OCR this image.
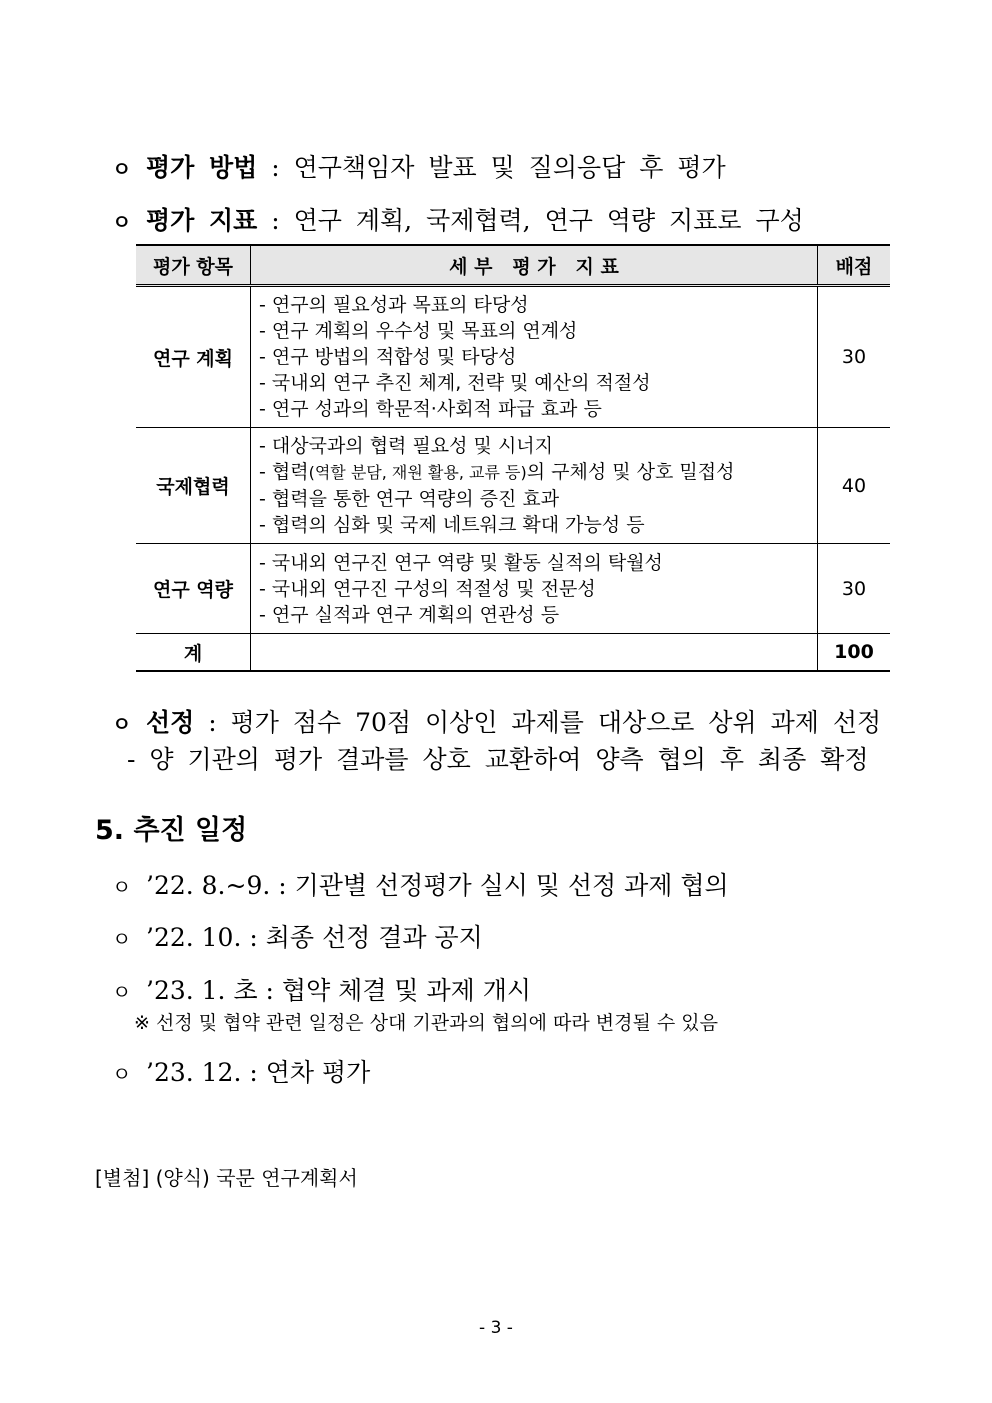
ㅇ 평가 방법 : 연구책임자 발표 및 질의응답 후 평가
ㅇ 평가 지표 : 연구 계획, 국제협력, 연구 역량 지표로 구성
평가 항목	세 부   평 가   지 표	배점
연구 계획	- 연구의 필요성과 목표의 타당성
- 연구 계획의 우수성 및 목표의 연계성
- 연구 방법의 적합성 및 타당성
- 국내외 연구 추진 체계, 전략 및 예산의 적절성
- 연구 성과의 학문적·사회적 파급 효과 등	30
국제협력	- 대상국과의 협력 필요성 및 시너지
- 협력(역할 분담, 재원 활용, 교류 등)의 구체성 및 상호 밀접성
- 협력을 통한 연구 역량의 증진 효과
- 협력의 심화 및 국제 네트워크 확대 가능성 등	40
연구 역량	- 국내외 연구진 연구 역량 및 활동 실적의 탁월성
- 국내외 연구진 구성의 적절성 및 전문성
- 연구 실적과 연구 계획의 연관성 등	30
계		100
ㅇ 선정 : 평가 점수 70점 이상인 과제를 대상으로 상위 과제 선정
- 양 기관의 평가 결과를 상호 교환하여 양측 협의 후 최종 확정
5. 추진 일정
ㅇ ’22. 8.~9. : 기관별 선정평가 실시 및 선정 과제 협의
ㅇ ’22. 10. : 최종 선정 결과 공지
ㅇ ’23. 1. 초 : 협약 체결 및 과제 개시
※ 선정 및 협약 관련 일정은 상대 기관과의 협의에 따라 변경될 수 있음
ㅇ ’23. 12. : 연차 평가
[별첨] (양식) 국문 연구계획서
- 3 -
